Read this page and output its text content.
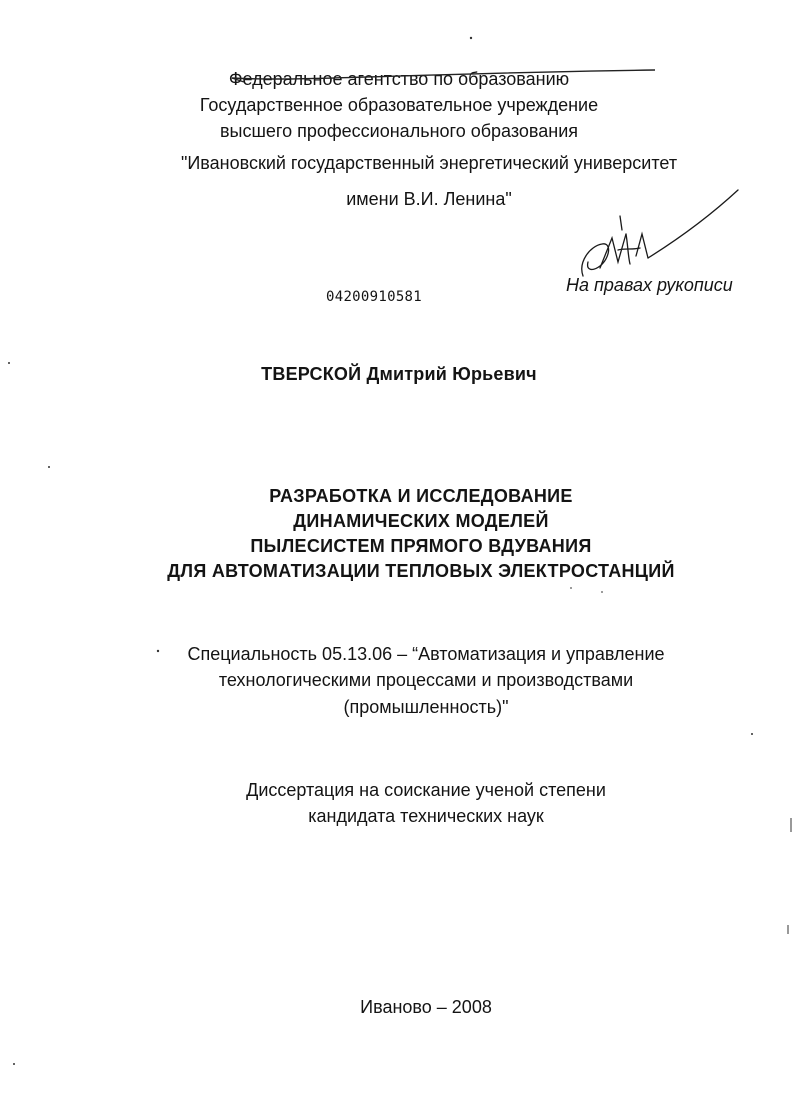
Федеральное агентство по образованию
Государственное образовательное учреждение
высшего профессионального образования
"Ивановский государственный энергетический университет
имени В.И. Ленина"
04200910581
На правах рукописи
ТВЕРСКОЙ Дмитрий Юрьевич
РАЗРАБОТКА И ИССЛЕДОВАНИЕ
ДИНАМИЧЕСКИХ МОДЕЛЕЙ
ПЫЛЕСИСТЕМ ПРЯМОГО ВДУВАНИЯ
ДЛЯ АВТОМАТИЗАЦИИ ТЕПЛОВЫХ ЭЛЕКТРОСТАНЦИЙ
Специальность 05.13.06 – “Автоматизация и управление
технологическими процессами и производствами
(промышленность)"
Диссертация на соискание ученой степени
кандидата технических наук
Иваново – 2008
